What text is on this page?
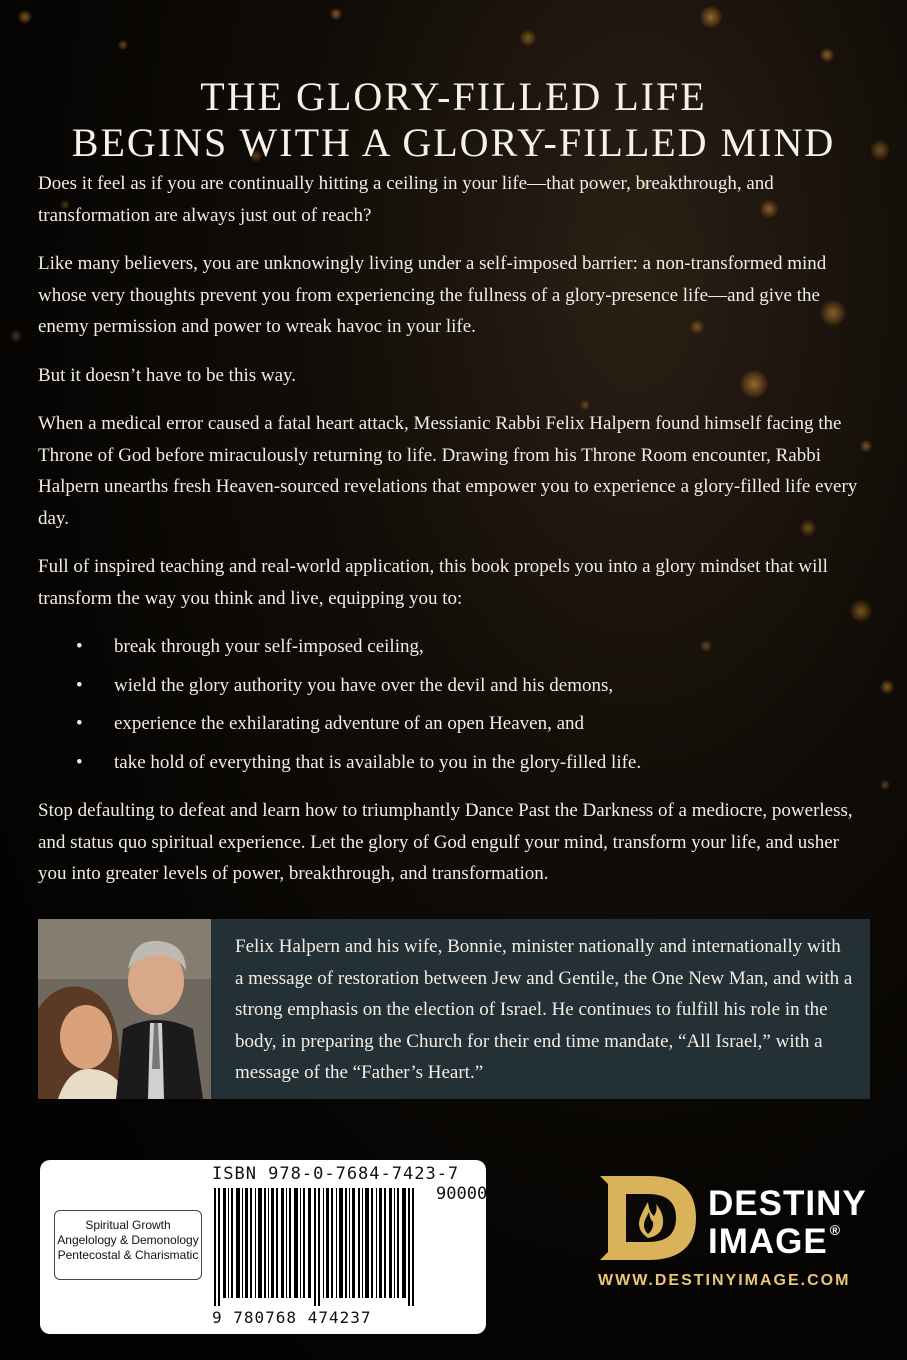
THE GLORY-FILLED LIFE
BEGINS WITH A GLORY-FILLED MIND

Does it feel as if you are continually hitting a ceiling in your life—that power, breakthrough, and transformation are always just out of reach?

Like many believers, you are unknowingly living under a self-imposed barrier: a non-transformed mind whose very thoughts prevent you from experiencing the fullness of a glory-presence life—and give the enemy permission and power to wreak havoc in your life.

But it doesn’t have to be this way.

When a medical error caused a fatal heart attack, Messianic Rabbi Felix Halpern found himself facing the Throne of God before miraculously returning to life. Drawing from his Throne Room encounter, Rabbi Halpern unearths fresh Heaven-sourced revelations that empower you to experience a glory-filled life every day.

Full of inspired teaching and real-world application, this book propels you into a glory mindset that will transform the way you think and live, equipping you to:

• break through your self-imposed ceiling,
• wield the glory authority you have over the devil and his demons,
• experience the exhilarating adventure of an open Heaven, and
• take hold of everything that is available to you in the glory-filled life.

Stop defaulting to defeat and learn how to triumphantly Dance Past the Darkness of a mediocre, powerless, and status quo spiritual experience. Let the glory of God engulf your mind, transform your life, and usher you into greater levels of power, breakthrough, and transformation.

Felix Halpern and his wife, Bonnie, minister nationally and internationally with a message of restoration between Jew and Gentile, the One New Man, and with a strong emphasis on the election of Israel. He continues to fulfill his role in the body, in preparing the Church for their end time mandate, “All Israel,” with a message of the “Father’s Heart.”

Spiritual Growth
Angelology & Demonology
Pentecostal & Charismatic
ISBN 978-0-7684-7423-7
90000
9 780768 474237
DESTINY
IMAGE ®
WWW.DESTINYIMAGE.COM
